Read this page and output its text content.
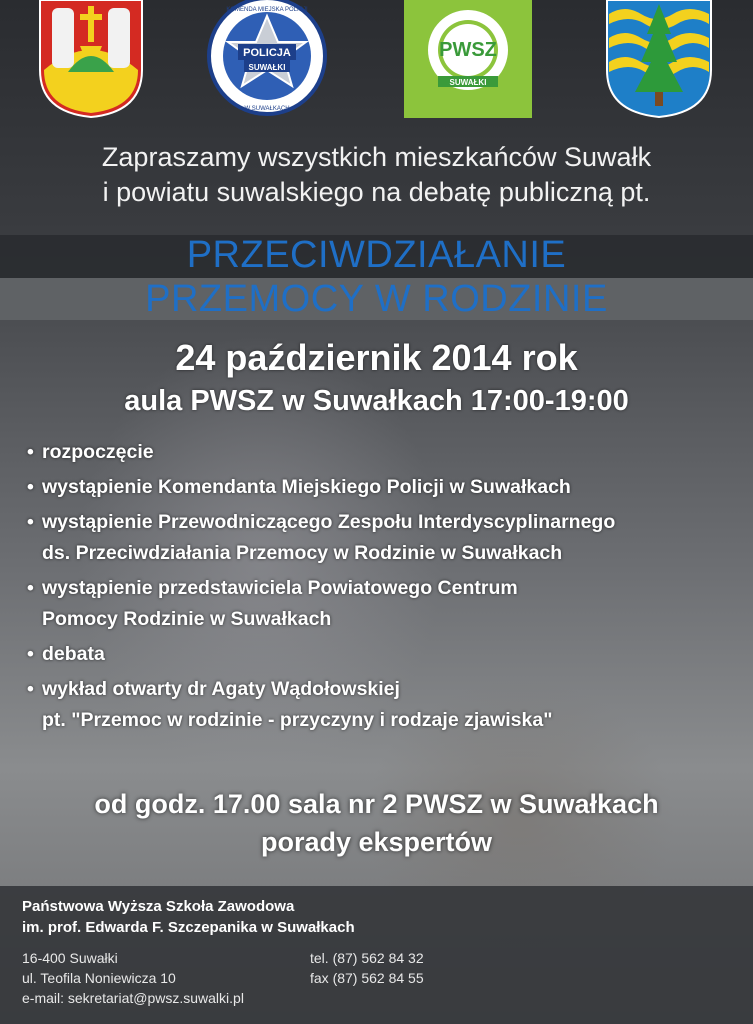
POLICJA
SUWAŁKI
KOMENDA MIEJSKA POLICJI
W SUWAŁKACH
PWSZ
SUWAŁKI
Zapraszamy wszystkich mieszkańców Suwałk
i powiatu suwalskiego na debatę publiczną pt.
PRZECIWDZIAŁANIE
PRZEMOCY W RODZINIE
24 październik 2014 rok
aula PWSZ w Suwałkach 17:00-19:00
• rozpoczęcie
• wystąpienie Komendanta Miejskiego Policji w Suwałkach
• wystąpienie Przewodniczącego Zespołu Interdyscyplinarnego
ds. Przeciwdziałania Przemocy w Rodzinie w Suwałkach
• wystąpienie przedstawiciela Powiatowego Centrum
Pomocy Rodzinie w Suwałkach
• debata
• wykład otwarty dr Agaty Wądołowskiej
pt. "Przemoc w rodzinie - przyczyny i rodzaje zjawiska"
od godz. 17.00 sala nr 2 PWSZ w Suwałkach
porady ekspertów
Państwowa Wyższa Szkoła Zawodowa
im. prof. Edwarda F. Szczepanika w Suwałkach
16-400 Suwałki
ul. Teofila Noniewicza 10
e-mail: sekretariat@pwsz.suwalki.pl
tel. (87) 562 84 32
fax (87) 562 84 55
